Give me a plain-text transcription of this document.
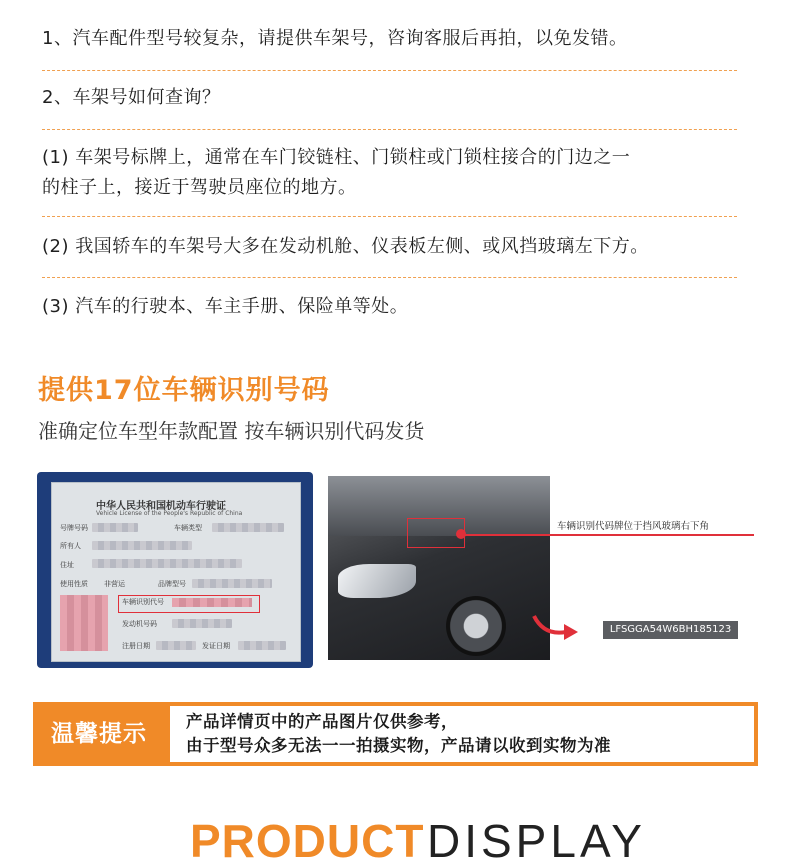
1、汽车配件型号较复杂，请提供车架号，咨询客服后再拍，以免发错。
2、车架号如何查询？
(1) 车架号标牌上，通常在车门铰链柱、门锁柱或门锁柱接合的门边之一
的柱子上，接近于驾驶员座位的地方。
(2) 我国轿车的车架号大多在发动机舱、仪表板左侧、或风挡玻璃左下方。
(3) 汽车的行驶本、车主手册、保险单等处。
提供17位车辆识别号码
准确定位车型年款配置 按车辆识别代码发货
中华人民共和国机动车行驶证
Vehicle License of the People's Republic of China
号牌号码	车辆类型
所有人
住址
使用性质 非营运	品牌型号
车辆识别代号
发动机号码
注册日期	发证日期
车辆识别代码牌位于挡风玻璃右下角
LFSGGA54W6BH185123
温馨提示	产品详情页中的产品图片仅供参考，
由于型号众多无法一一拍摄实物，产品请以收到实物为准
PRODUCT DISPLAY
